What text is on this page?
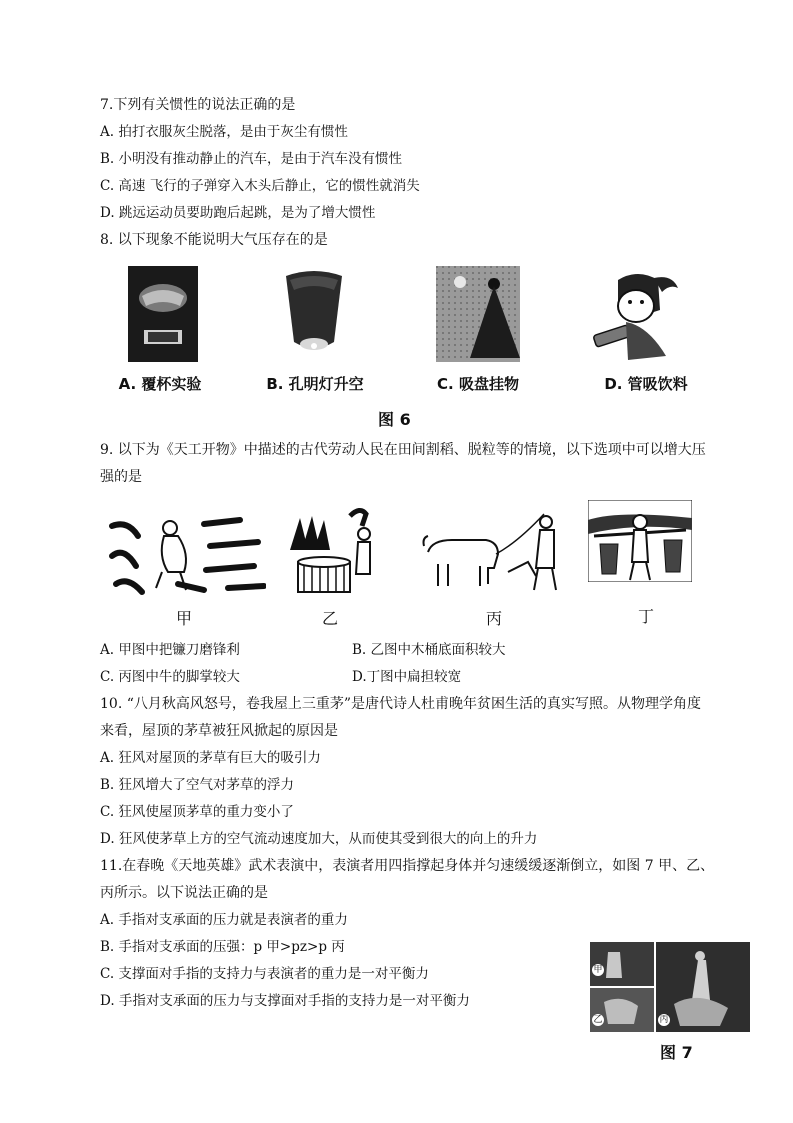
7.下列有关惯性的说法正确的是
A. 拍打衣服灰尘脱落，是由于灰尘有惯性
B. 小明没有推动静止的汽车，是由于汽车没有惯性
C. 高速 飞行的子弹穿入木头后静止，它的惯性就消失
D. 跳远运动员要助跑后起跳，是为了增大惯性
8. 以下现象不能说明大气压存在的是
A. 覆杯实验	B. 孔明灯升空	C. 吸盘挂物	D. 管吸饮料
图 6
9. 以下为《天工开物》中描述的古代劳动人民在田间割稻、脱粒等的情境，以下选项中可以增大压
强的是
甲	乙	丙	丁
A. 甲图中把镰刀磨锋利	B. 乙图中木桶底面积较大
C. 丙图中牛的脚掌较大	D.丁图中扁担较宽
10. “八月秋高风怒号，卷我屋上三重茅”是唐代诗人杜甫晚年贫困生活的真实写照。从物理学角度
来看，屋顶的茅草被狂风掀起的原因是
A. 狂风对屋顶的茅草有巨大的吸引力
B. 狂风增大了空气对茅草的浮力
C. 狂风使屋顶茅草的重力变小了
D. 狂风使茅草上方的空气流动速度加大，从而使其受到很大的向上的升力
11.在春晚《天地英雄》武术表演中，表演者用四指撑起身体并匀速缓缓逐渐倒立，如图 7 甲、乙、
丙所示。以下说法正确的是
A. 手指对支承面的压力就是表演者的重力
B. 手指对支承面的压强：p 甲>pz>p 丙
C. 支撑面对手指的支持力与表演者的重力是一对平衡力
D. 手指对支承面的压力与支撑面对手指的支持力是一对平衡力
甲
乙	丙
图 7
